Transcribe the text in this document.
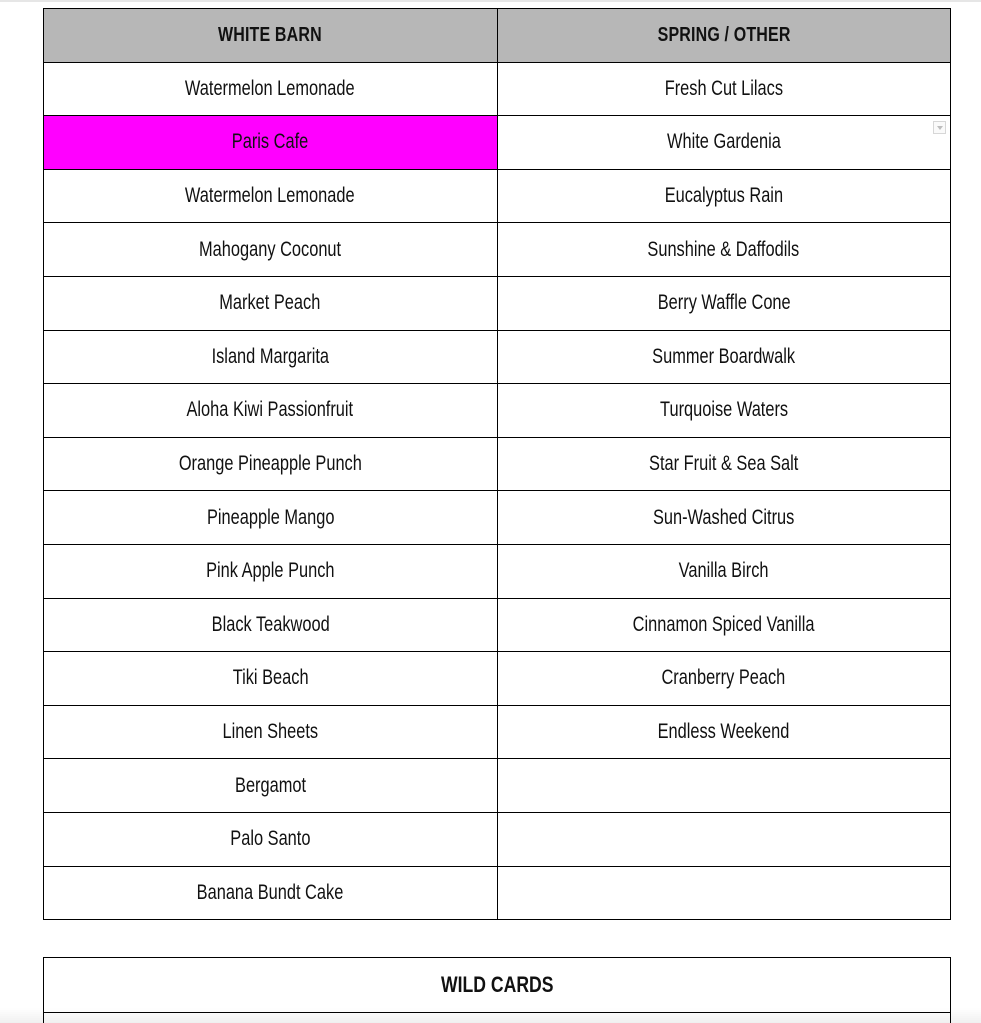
WHITE BARN	SPRING / OTHER
Watermelon Lemonade	Fresh Cut Lilacs
Paris Cafe	White Gardenia

Watermelon Lemonade	Eucalyptus Rain
Mahogany Coconut	Sunshine & Daffodils
Market Peach	Berry Waffle Cone
Island Margarita	Summer Boardwalk
Aloha Kiwi Passionfruit	Turquoise Waters
Orange Pineapple Punch	Star Fruit & Sea Salt
Pineapple Mango	Sun-Washed Citrus
Pink Apple Punch	Vanilla Birch
Black Teakwood	Cinnamon Spiced Vanilla
Tiki Beach	Cranberry Peach
Linen Sheets	Endless Weekend
Bergamot	
Palo Santo	
Banana Bundt Cake	
WILD CARDS
